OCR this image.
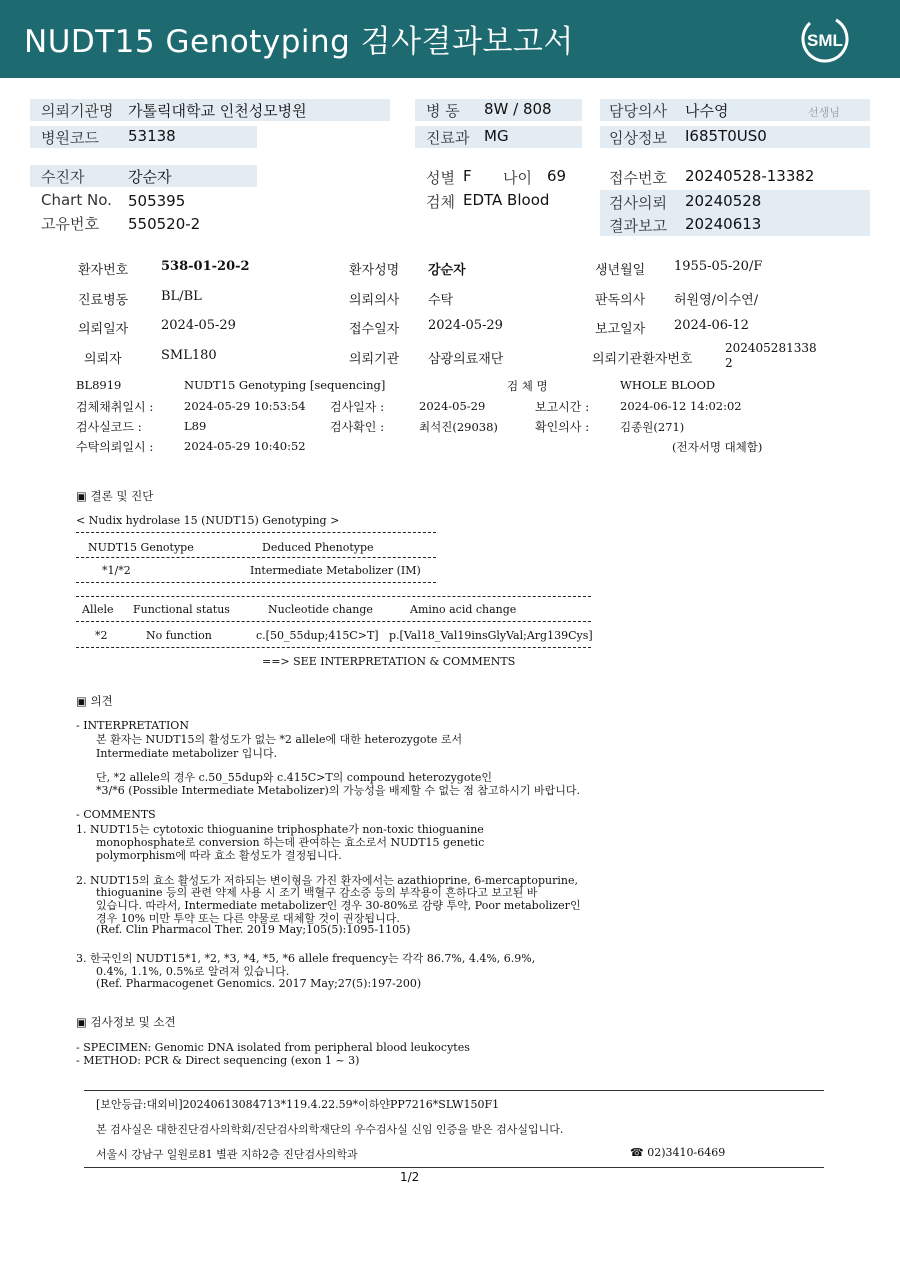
NUDT15 Genotyping 검사결과보고서	SML
의뢰기관명 가톨릭대학교 인천성모병원	병 동 8W / 808	담당의사 나수영	선생님
병원코드 53138	진료과 MG	임상정보 I685T0US0
수진자	강순자	성별 F 나이 69	접수번호 20240528-13382
Chart No. 505395	검체 EDTA Blood	검사의뢰 20240528
고유번호 550520-2	결과보고 20240613
환자번호	538-01-20-2	환자성명 강순자	생년월일 1955-05-20/F
진료병동	BL/BL	의뢰의사 수탁	판독의사 허원영/이수연/
의뢰일자	2024-05-29	접수일자 2024-05-29	보고일자 2024-06-12
의뢰자	SML180	의뢰기관 삼광의료재단	의뢰기관환자번호
202405281338
2
BL8919	NUDT15 Genotyping [sequencing]	검 체 명	WHOLE BLOOD
검체채취일시 :	2024-05-29 10:53:54 검사일자 :	2024-05-29	보고시간 :	2024-06-12 14:02:02
검사실코드 :	L89	검사확인 :	최석진(29038)	확인의사 :	김종원(271)
수탁의뢰일시 :	2024-05-29 10:40:52	(전자서명 대체함)
▣ 결론 및 진단
< Nudix hydrolase 15 (NUDT15) Genotyping >
NUDT15 Genotype	Deduced Phenotype
*1/*2	Intermediate Metabolizer (IM)
Allele Functional status	Nucleotide change	Amino acid change
*2	No function	c.[50_55dup;415C>T] p.[Val18_Val19insGlyVal;Arg139Cys]
==> SEE INTERPRETATION & COMMENTS
▣ 의견
- INTERPRETATION
본 환자는 NUDT15의 활성도가 없는 *2 allele에 대한 heterozygote 로서
Intermediate metabolizer 입니다.
단, *2 allele의 경우 c.50_55dup와 c.415C>T의 compound heterozygote인
*3/*6 (Possible Intermediate Metabolizer)의 가능성을 배제할 수 없는 점 참고하시기 바랍니다.
- COMMENTS
1. NUDT15는 cytotoxic thioguanine triphosphate가 non-toxic thioguanine
monophosphate로 conversion 하는데 관여하는 효소로서 NUDT15 genetic
polymorphism에 따라 효소 활성도가 결정됩니다.
2. NUDT15의 효소 활성도가 저하되는 변이형을 가진 환자에서는 azathioprine, 6-mercaptopurine,
thioguanine 등의 관련 약제 사용 시 조기 백혈구 감소증 등의 부작용이 흔하다고 보고된 바
있습니다. 따라서, Intermediate metabolizer인 경우 30-80%로 감량 투약, Poor metabolizer인
경우 10% 미만 투약 또는 다른 약물로 대체할 것이 권장됩니다.
(Ref. Clin Pharmacol Ther. 2019 May;105(5):1095-1105)
3. 한국인의 NUDT15*1, *2, *3, *4, *5, *6 allele frequency는 각각 86.7%, 4.4%, 6.9%,
0.4%, 1.1%, 0.5%로 알려져 있습니다.
(Ref. Pharmacogenet Genomics. 2017 May;27(5):197-200)
▣ 검사정보 및 소견
- SPECIMEN: Genomic DNA isolated from peripheral blood leukocytes
- METHOD: PCR & Direct sequencing (exon 1 ~ 3)
[보안등급:대외비]20240613084713*119.4.22.59*이하얀PP7216*SLW150F1
본 검사실은 대한진단검사의학회/진단검사의학재단의 우수검사실 신임 인증을 받은 검사실입니다.
서울시 강남구 일원로81 별관 지하2층 진단검사의학과	☎ 02)3410-6469
1/2
